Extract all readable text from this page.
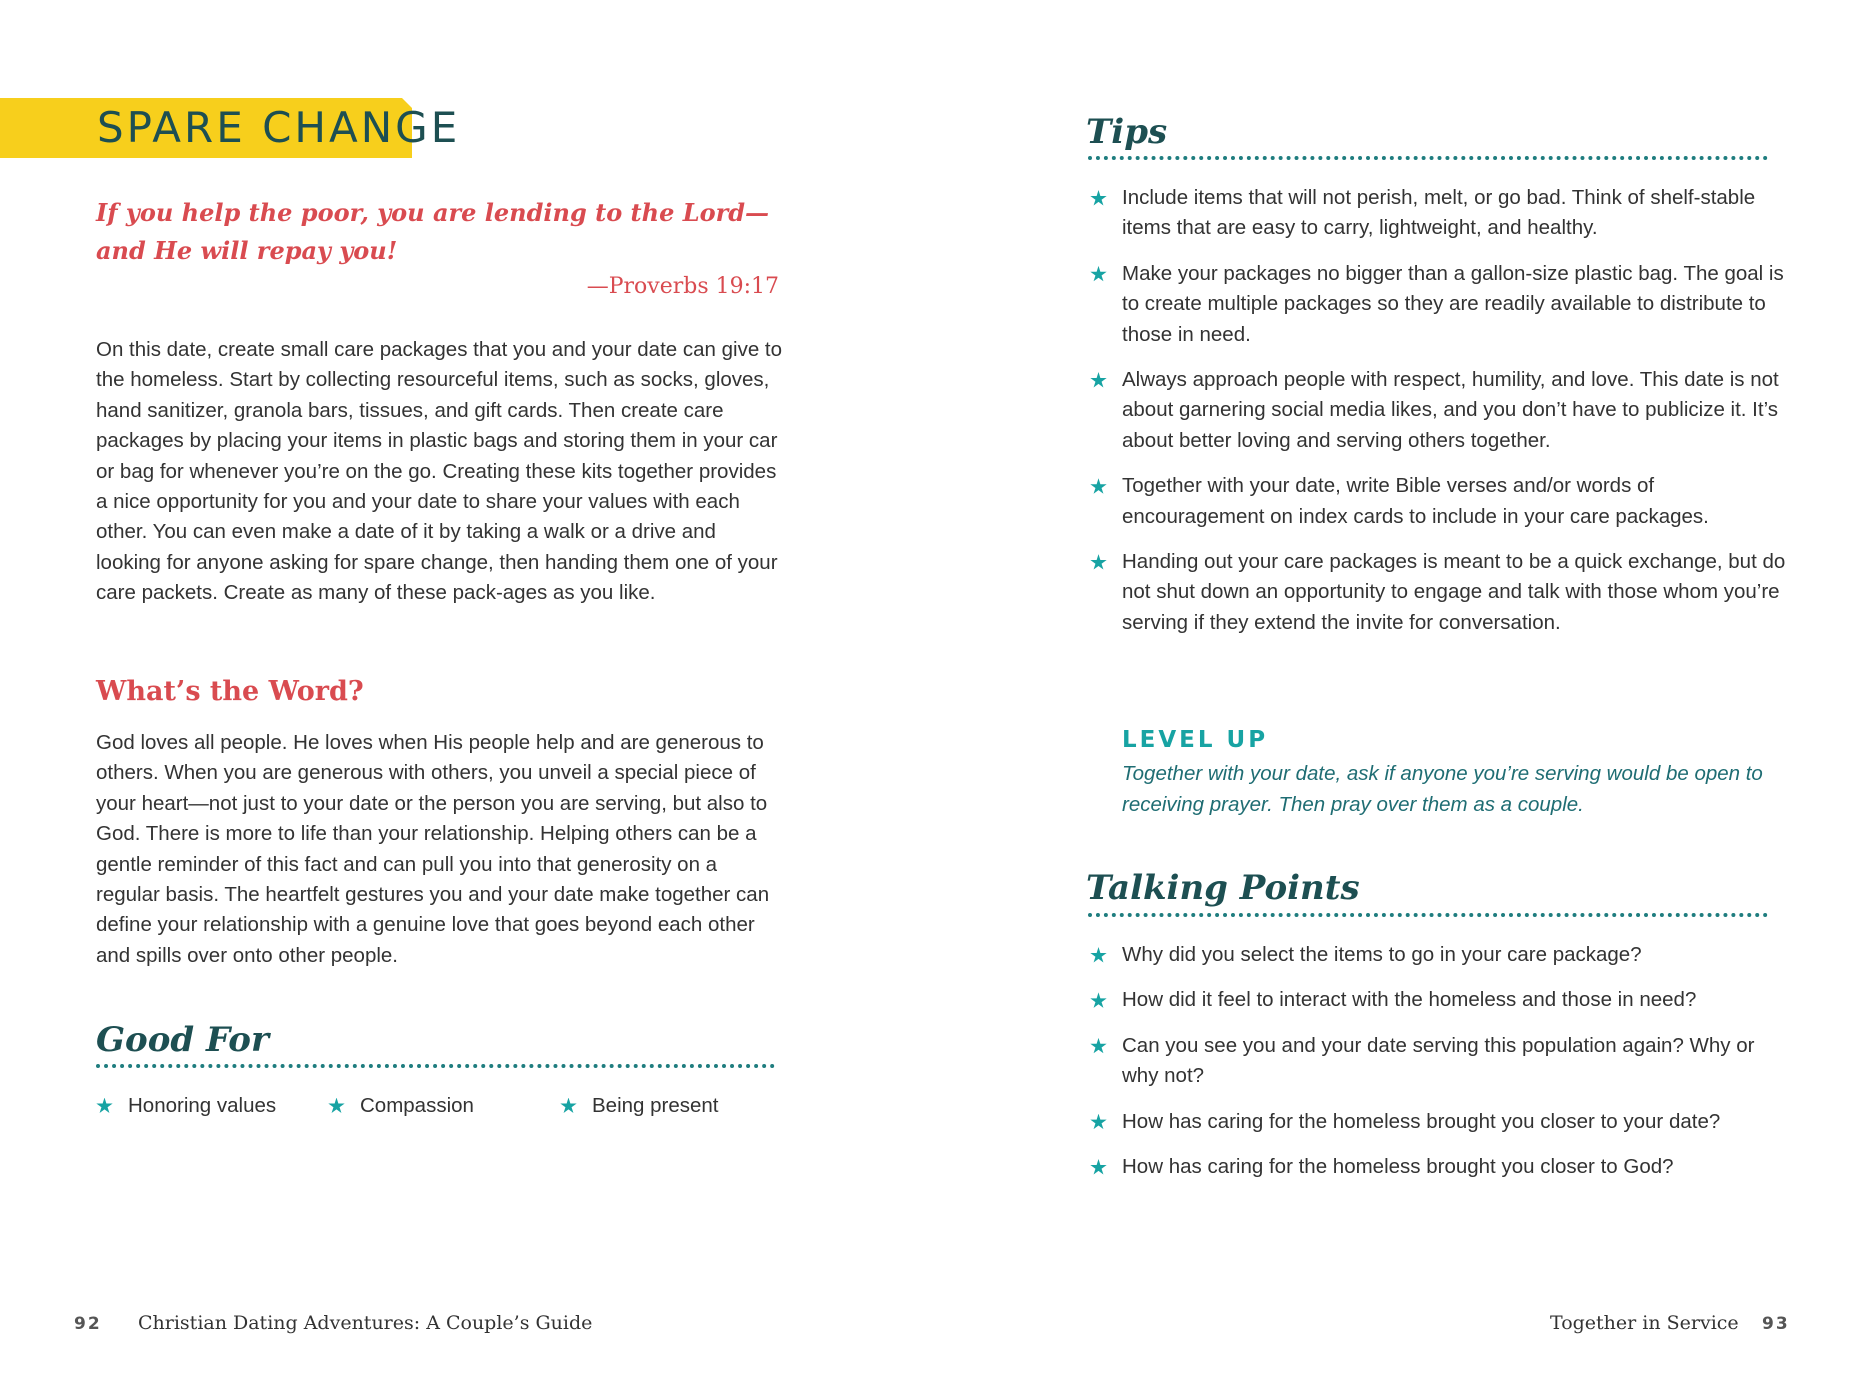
SPARE CHANGE

If you help the poor, you are lending to the Lord—and He will repay you!

—Proverbs 19:17

On this date, create small care packages that you and your date can give to the homeless. Start by collecting resourceful items, such as socks, gloves, hand sanitizer, granola bars, tissues, and gift cards. Then create care packages by placing your items in plastic bags and storing them in your car or bag for whenever you’re on the go. Creating these kits together provides a nice opportunity for you and your date to share your values with each other. You can even make a date of it by taking a walk or a drive and looking for anyone asking for spare change, then handing them one of your care packets. Create as many of these pack-ages as you like.

What’s the Word?

God loves all people. He loves when His people help and are generous to others. When you are generous with others, you unveil a special piece of your heart—not just to your date or the person you are serving, but also to God. There is more to life than your relationship. Helping others can be a gentle reminder of this fact and can pull you into that generosity on a regular basis. The heartfelt gestures you and your date make together can define your relationship with a genuine love that goes beyond each other and spills over onto other people.

Good For
Honoring values	Compassion	Being present
92 Christian Dating Adventures: A Couple’s Guide
Tips
Include items that will not perish, melt, or go bad. Think of shelf-stable items that are easy to carry, lightweight, and healthy.
Make your packages no bigger than a gallon-size plastic bag. The goal is to create multiple packages so they are readily available to distribute to those in need.
Always approach people with respect, humility, and love. This date is not about garnering social media likes, and you don’t have to publicize it. It’s about better loving and serving others together.
Together with your date, write Bible verses and/or words of encouragement on index cards to include in your care packages.
Handing out your care packages is meant to be a quick exchange, but do not shut down an opportunity to engage and talk with those whom you’re serving if they extend the invite for conversation.
LEVEL UP

Together with your date, ask if anyone you’re serving would be open to receiving prayer. Then pray over them as a couple.

Talking Points
Why did you select the items to go in your care package?
How did it feel to interact with the homeless and those in need?
Can you see you and your date serving this population again? Why or why not?
How has caring for the homeless brought you closer to your date?
How has caring for the homeless brought you closer to God?
Together in Service 93
